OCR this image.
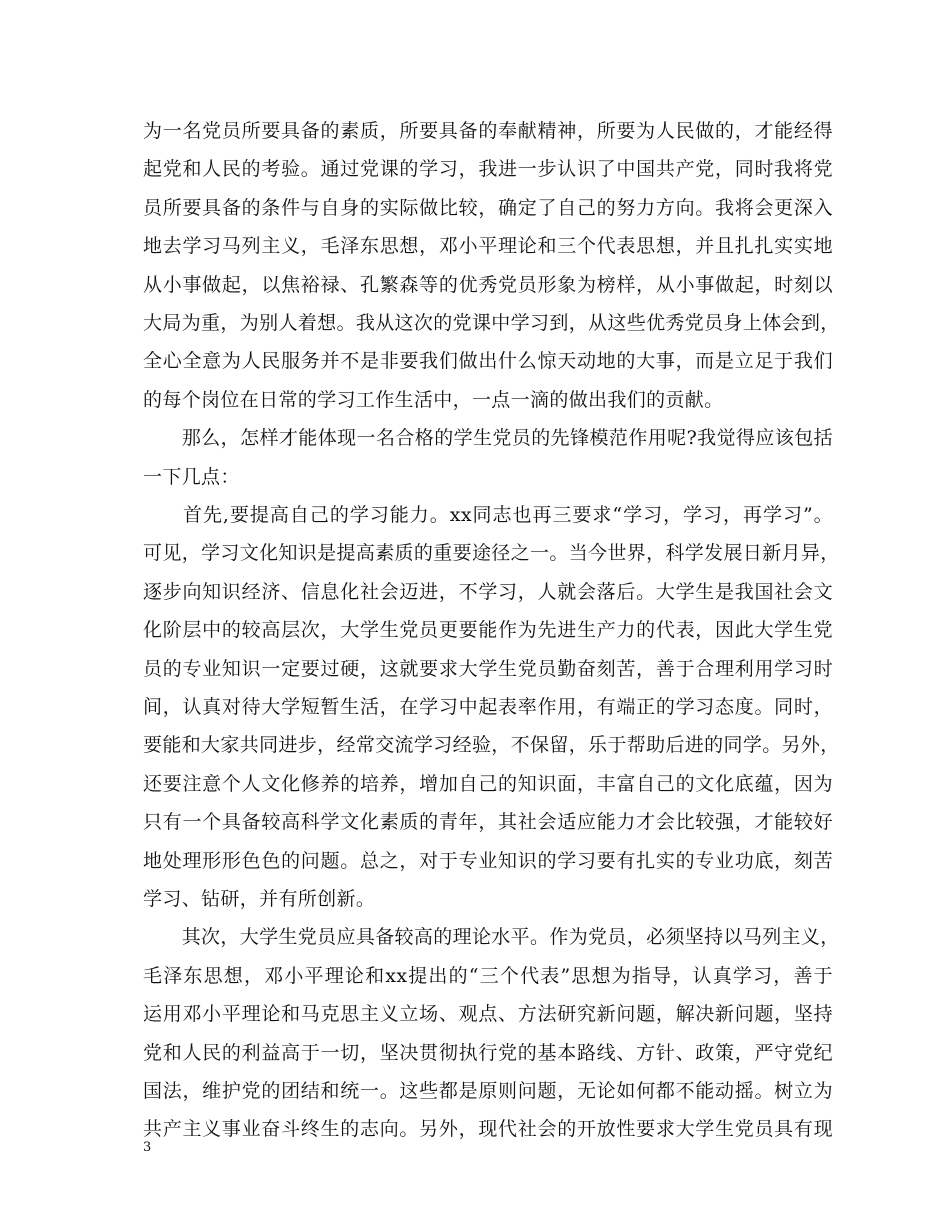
为一名党员所要具备的素质，所要具备的奉献精神，所要为人民做的，才能经得
起党和人民的考验。通过党课的学习，我进一步认识了中国共产党，同时我将党
员所要具备的条件与自身的实际做比较，确定了自己的努力方向。我将会更深入
地去学习马列主义，毛泽东思想，邓小平理论和三个代表思想，并且扎扎实实地
从小事做起，以焦裕禄、孔繁森等的优秀党员形象为榜样，从小事做起，时刻以
大局为重，为别人着想。我从这次的党课中学习到，从这些优秀党员身上体会到，
全心全意为人民服务并不是非要我们做出什么惊天动地的大事，而是立足于我们
的每个岗位在日常的学习工作生活中，一点一滴的做出我们的贡献。
　　那么，怎样才能体现一名合格的学生党员的先锋模范作用呢?我觉得应该包括
一下几点：
　　首先,要提高自己的学习能力。xx同志也再三要求“学习，学习，再学习”。
可见，学习文化知识是提高素质的重要途径之一。当今世界，科学发展日新月异，
逐步向知识经济、信息化社会迈进，不学习，人就会落后。大学生是我国社会文
化阶层中的较高层次，大学生党员更要能作为先进生产力的代表，因此大学生党
员的专业知识一定要过硬，这就要求大学生党员勤奋刻苦，善于合理利用学习时
间，认真对待大学短暂生活，在学习中起表率作用，有端正的学习态度。同时，
要能和大家共同进步，经常交流学习经验，不保留，乐于帮助后进的同学。另外，
还要注意个人文化修养的培养，增加自己的知识面，丰富自己的文化底蕴，因为
只有一个具备较高科学文化素质的青年，其社会适应能力才会比较强，才能较好
地处理形形色色的问题。总之，对于专业知识的学习要有扎实的专业功底，刻苦
学习、钻研，并有所创新。
　　其次，大学生党员应具备较高的理论水平。作为党员，必须坚持以马列主义，
毛泽东思想，邓小平理论和xx提出的“三个代表”思想为指导，认真学习，善于
运用邓小平理论和马克思主义立场、观点、方法研究新问题，解决新问题，坚持
党和人民的利益高于一切，坚决贯彻执行党的基本路线、方针、政策，严守党纪
国法，维护党的团结和统一。这些都是原则问题，无论如何都不能动摇。树立为
共产主义事业奋斗终生的志向。另外，现代社会的开放性要求大学生党员具有现
3
